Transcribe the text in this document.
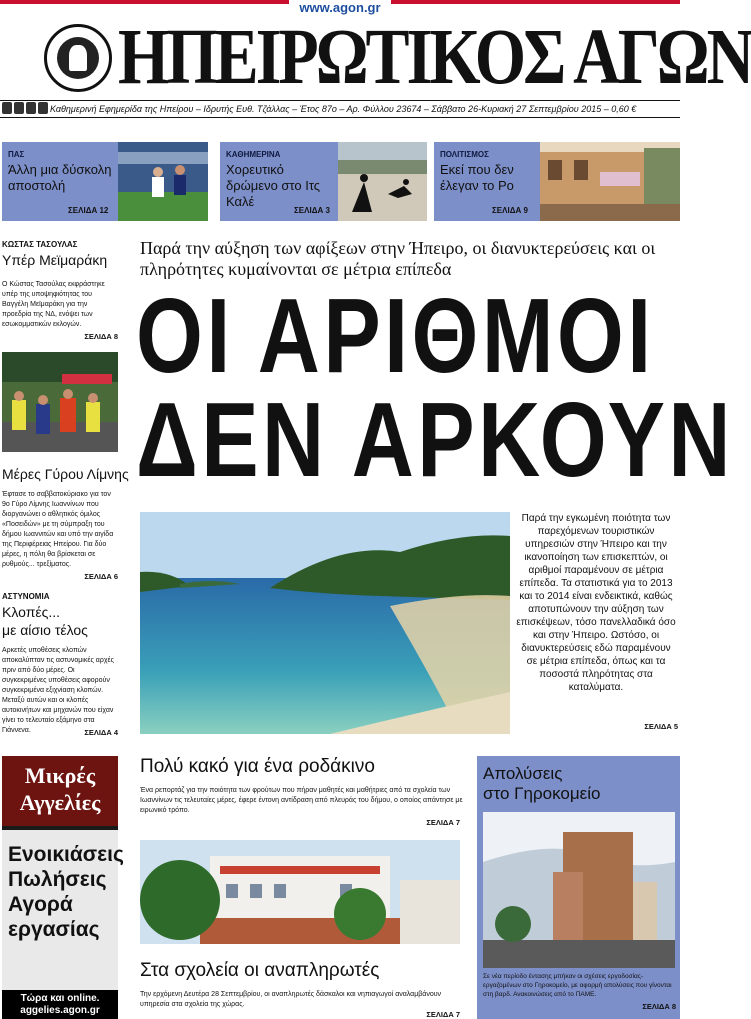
www.agon.gr
ΗΠΕΙΡΩΤΙΚΟΣ ΑΓΩΝ
Καθημερινή Εφημερίδα της Ηπείρου – Ιδρυτής Ευθ. Τζάλλας – Έτος 87ο – Αρ. Φύλλου 23674 – Σάββατο 26-Κυριακή 27 Σεπτεμβρίου 2015 – 0,60 €
ΠΑΣ
Άλλη μια δύσκολη αποστολή
ΣΕΛΙΔΑ 12
ΚΑΘΗΜΕΡΙΝΑ
Χορευτικό δρώμενο στο Ιτς Καλέ
ΣΕΛΙΔΑ 3
ΠΟΛΙΤΙΣΜΟΣ
Εκεί που δεν έλεγαν το Ρο
ΣΕΛΙΔΑ 9
ΚΩΣΤΑΣ ΤΑΣΟΥΛΑΣ
Υπέρ Μεϊμαράκη
Ο Κώστας Τασούλας εκφράστηκε υπέρ της υποψηφιότητας του Βαγγέλη Μεϊμαράκη για την προεδρία της ΝΔ, ενόψει των εσωκομματικών εκλογών.
ΣΕΛΙΔΑ 8
Μέρες Γύρου Λίμνης
Έφτασε το σαββατοκύριακο για τον 9ο Γύρο Λίμνης Ιωαννίνων που διοργανώνει ο αθλητικός όμιλος «Ποσειδών» με τη σύμπραξη του δήμου Ιωαννιτών και υπό την αιγίδα της Περιφέρειας Ηπείρου. Για δύο μέρες, η πόλη θα βρίσκεται σε ρυθμούς... τρεξίματος.
ΣΕΛΙΔΑ 6
ΑΣΤΥΝΟΜΙΑ
Κλοπές...
με αίσιο τέλος
Αρκετές υποθέσεις κλοπών αποκαλύπταν τις αστυνομικές αρχές πριν από δύο μέρες. Οι συγκεκριμένες υποθέσεις αφορούν συγκεκριμένα εξιχνίαση κλοπών. Μεταξύ αυτών και οι κλοπές αυτοκινήτων και μηχανών που είχαν γίνει το τελευταίο εξάμηνο στα Γιάννενα.	ΣΕΛΙΔΑ 4
Παρά την αύξηση των αφίξεων στην Ήπειρο, οι διανυκτερεύσεις και οι πληρότητες κυμαίνονται σε μέτρια επίπεδα
ΟΙ ΑΡΙΘΜΟΙ
ΔΕΝ ΑΡΚΟΥΝ
Παρά την εγκωμένη ποιότητα των παρεχόμενων τουριστικών υπηρεσιών στην Ήπειρο και την ικανοποίηση των επισκεπτών, οι αριθμοί παραμένουν σε μέτρια επίπεδα. Τα στατιστικά για το 2013 και το 2014 είναι ενδεικτικά, καθώς αποτυπώνουν την αύξηση των επισκέψεων, τόσο πανελλαδικά όσο και στην Ήπειρο. Ωστόσο, οι διανυκτερεύσεις εδώ παραμένουν σε μέτρια επίπεδα, όπως και τα ποσοστά πληρότητας στα καταλύματα.
ΣΕΛΙΔΑ 5
Μικρές
Αγγελίες
Ενοικιάσεις
Πωλήσεις
Αγορά
εργασίας
Τώρα και online.
aggelies.agon.gr
Πολύ κακό για ένα ροδάκινο
Ένα ρεπορτάζ για την ποιότητα των φρούτων που πήραν μαθητές και μαθήτριες από τα σχολεία των Ιωαννίνων τις τελευταίες μέρες, έφερε έντονη αντίδραση από πλευράς του δήμου, ο οποίος απάντησε με ειρωνικό τρόπο.
ΣΕΛΙΔΑ 7
Στα σχολεία οι αναπληρωτές
Την ερχόμενη Δευτέρα 28 Σεπτεμβρίου, οι αναπληρωτές δάσκαλοι και νηπιαγωγοί αναλαμβάνουν υπηρεσία στα σχολεία της χώρας.
ΣΕΛΙΔΑ 7
Απολύσεις
στο Γηροκομείο
Σε νέα περίοδο έντασης μπήκαν οι σχέσεις εργοδοσίας-εργαζομένων στο Γηροκομείο, με αφορμή απολύσεις που γίνονται στη βαρδ. Ανακοινώσεις από το ΠΑΜΕ.
ΣΕΛΙΔΑ 8
